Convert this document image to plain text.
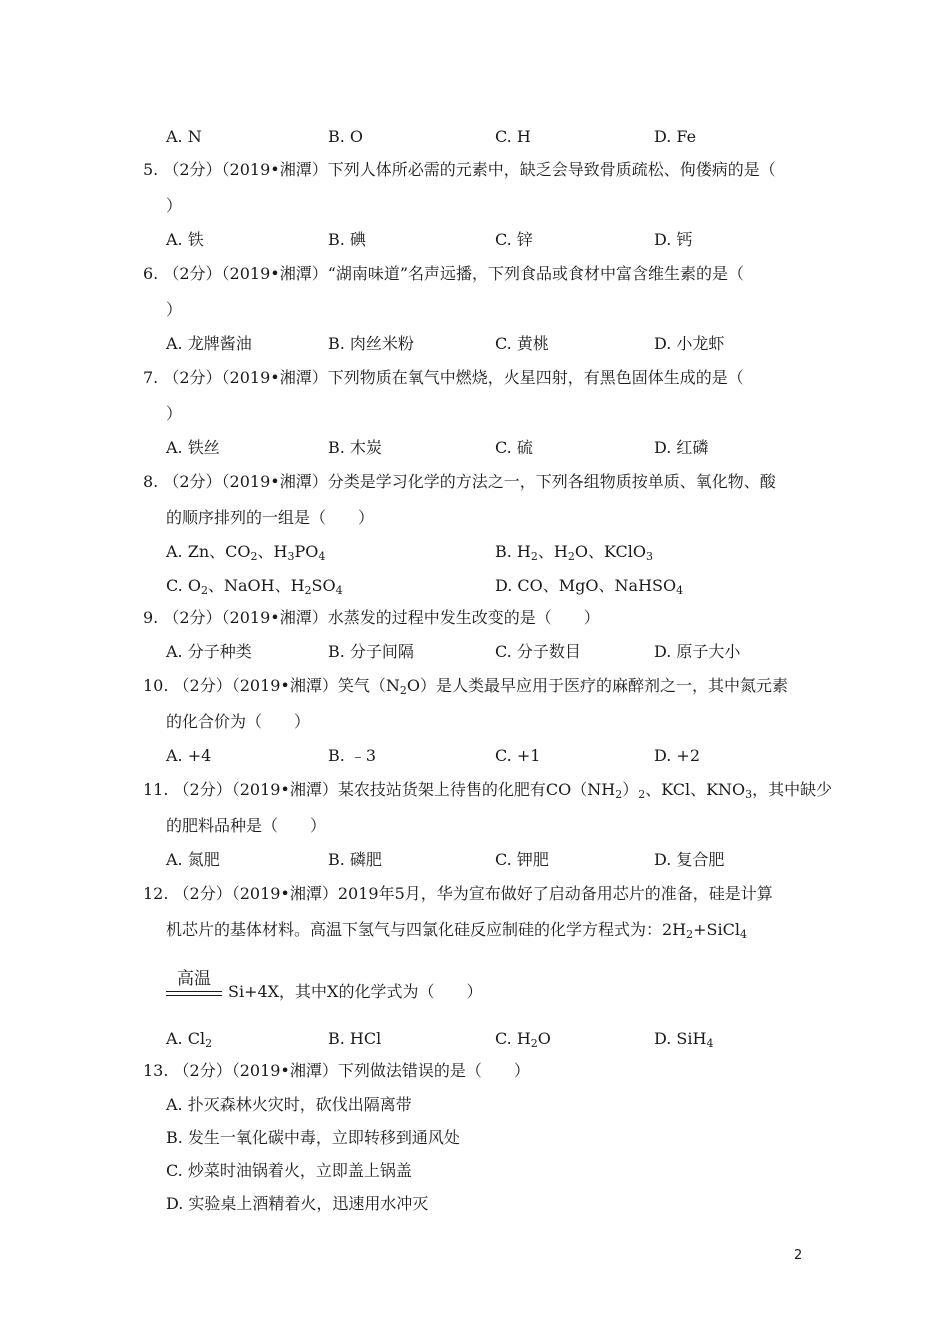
A. N	B. O	C. H	D. Fe
5. （2分）（2019•湘潭）下列人体所必需的元素中，缺乏会导致骨质疏松、佝偻病的是（
）
A. 铁	B. 碘	C. 锌	D. 钙
6. （2分）（2019•湘潭）“湖南味道”名声远播，下列食品或食材中富含维生素的是（
）
A. 龙牌酱油	B. 肉丝米粉	C. 黄桃	D. 小龙虾
7. （2分）（2019•湘潭）下列物质在氧气中燃烧，火星四射，有黑色固体生成的是（
）
A. 铁丝	B. 木炭	C. 硫	D. 红磷
8. （2分）（2019•湘潭）分类是学习化学的方法之一，下列各组物质按单质、氧化物、酸
的顺序排列的一组是（　　）
A. Zn、$CO_2$、$H_3PO_4$	B. $H_2$、$H_2O$、KClO$_3$
C. $O_2$、NaOH、$H_2SO_4$	D. CO、MgO、NaHSO$_4$
9. （2分）（2019•湘潭）水蒸发的过程中发生改变的是（　　）
A. 分子种类	B. 分子间隔	C. 分子数目	D. 原子大小
10. （2分）（2019•湘潭）笑气$(N_2O)$是人类最早应用于医疗的麻醉剂之一，其中氮元素
的化合价为（　　）
A. +4	B. ﹣3	C. +1	D. +2
11. （2分）（2019•湘潭）某农技站货架上待售的化肥有$CO(NH_2)_2$、KCl、$KNO_3$，其中缺少
的肥料品种是（　　）
A. 氮肥	B. 磷肥	C. 钾肥	D. 复合肥
12. （2分）（2019•湘潭）2019年5月，华为宣布做好了启动备用芯片的准备，硅是计算
机芯片的基体材料。高温下氢气与四氯化硅反应制硅的化学方程式为：$2H_2+SiCl_4$
高温
Si+4X，其中X的化学式为（　　）
A. $Cl_2$	B. HCl	C. $H_2O$	D. SiH$_4$
13. （2分）（2019•湘潭）下列做法错误的是（　　）
A. 扑灭森林火灾时，砍伐出隔离带
B. 发生一氧化碳中毒，立即转移到通风处
C. 炒菜时油锅着火，立即盖上锅盖
D. 实验桌上酒精着火，迅速用水冲灭
2
